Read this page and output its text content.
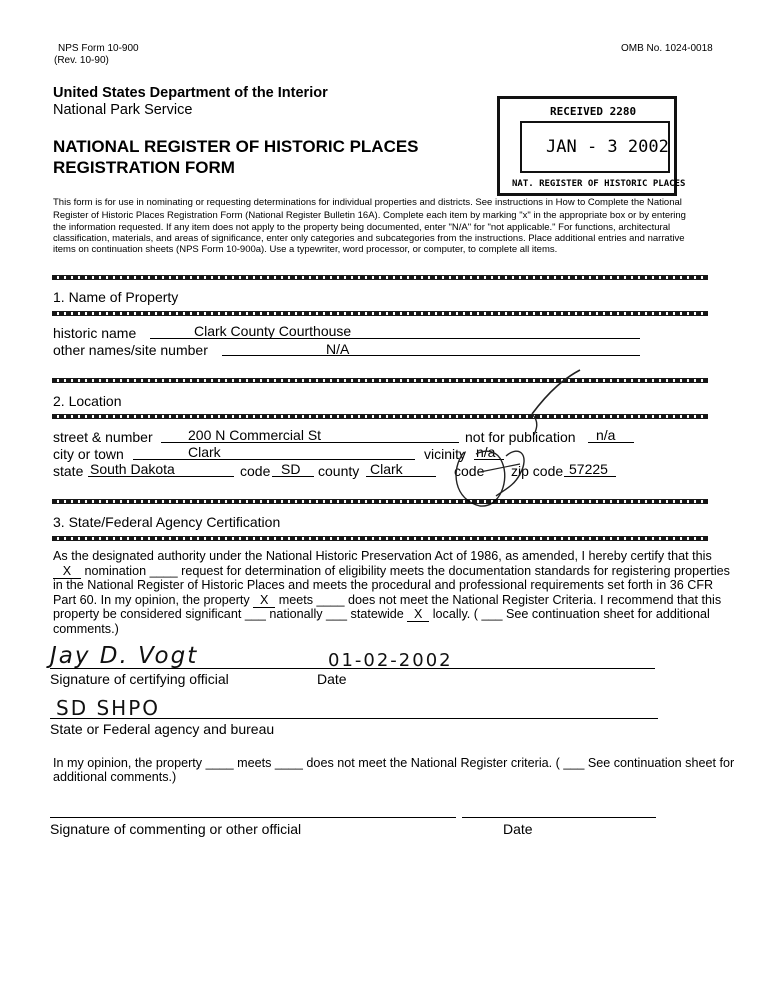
NPS Form 10-900
(Rev. 10-90)
OMB No. 1024-0018
United States Department of the Interior
National Park Service
NATIONAL REGISTER OF HISTORIC PLACES
REGISTRATION FORM
RECEIVED 2280
JAN - 3 2002
NAT. REGISTER OF HISTORIC PLACES
This form is for use in nominating or requesting determinations for individual properties and districts. See instructions in How to Complete the National
Register of Historic Places Registration Form (National Register Bulletin 16A). Complete each item by marking "x" in the appropriate box or by entering
the information requested. If any item does not apply to the property being documented, enter "N/A" for "not applicable." For functions, architectural
classification, materials, and areas of significance, enter only categories and subcategories from the instructions. Place additional entries and narrative
items on continuation sheets (NPS Form 10-900a). Use a typewriter, word processor, or computer, to complete all items.
1. Name of Property
historic name	Clark County Courthouse
other names/site number	N/A
2. Location
street & number	200 N Commercial St	not for publication n/a
city or town	Clark	vicinity n/a
state South Dakota	code SD county Clark	code zip code 57225
3. State/Federal Agency Certification
As the designated authority under the National Historic Preservation Act of 1986, as amended, I hereby certify that this
X nomination ____ request for determination of eligibility meets the documentation standards for registering properties
in the National Register of Historic Places and meets the procedural and professional requirements set forth in 36 CFR
Part 60. In my opinion, the property X meets ____ does not meet the National Register Criteria. I recommend that this
property be considered significant ___ nationally ___ statewide X locally. ( ___ See continuation sheet for additional
comments.)
Jay D. Vogt	01-02-2002
Signature of certifying official	Date
SD SHPO
State or Federal agency and bureau
In my opinion, the property ____ meets ____ does not meet the National Register criteria. ( ___ See continuation sheet for
additional comments.)
Signature of commenting or other official	Date
